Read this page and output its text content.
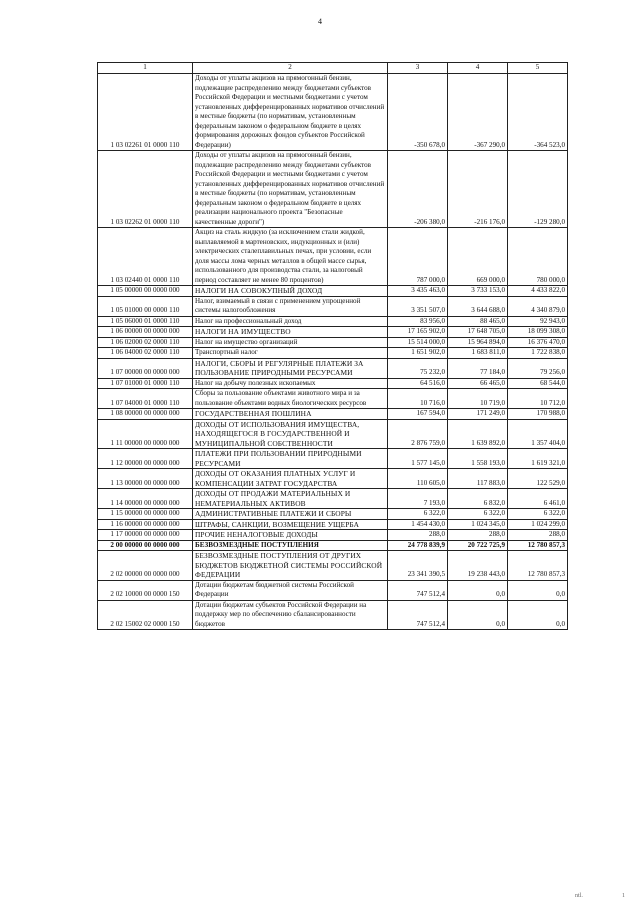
4
1	2	3	4	5
1 03 02261 01 0000 110	Доходы от уплаты акцизов на прямогонный бензин, подлежащие распределению между бюджетами субъектов Российской Федерации и местными бюджетами с учетом установленных дифференцированных нормативов отчислений в местные бюджеты (по нормативам, установленным федеральным законом о федеральном бюджете в целях формирования дорожных фондов субъектов Российской Федерации)	-350 678,0	-367 290,0	-364 523,0
1 03 02262 01 0000 110	Доходы от уплаты акцизов на прямогонный бензин, подлежащие распределению между бюджетами субъектов Российской Федерации и местными бюджетами с учетом установленных дифференцированных нормативов отчислений в местные бюджеты (по нормативам, установленным федеральным законом о федеральном бюджете в целях реализации национального проекта "Безопасные качественные дороги")	-206 380,0	-216 176,0	-129 280,0
1 03 02440 01 0000 110	Акциз на сталь жидкую (за исключением стали жидкой, выплавляемой в мартеновских, индукционных и (или) электрических сталеплавильных печах, при условии, если доля массы лома черных металлов в общей массе сырья, использованного для производства стали, за налоговый период составляет не менее 80 процентов)	787 000,0	669 000,0	780 000,0
1 05 00000 00 0000 000	НАЛОГИ НА СОВОКУПНЫЙ ДОХОД	3 435 463,0	3 733 153,0	4 433 822,0
1 05 01000 00 0000 110	Налог, взимаемый в связи с применением упрощенной системы налогообложения	3 351 507,0	3 644 688,0	4 340 879,0
1 05 06000 01 0000 110	Налог на профессиональный доход	83 956,0	88 465,0	92 943,0
1 06 00000 00 0000 000	НАЛОГИ НА ИМУЩЕСТВО	17 165 902,0	17 648 705,0	18 099 308,0
1 06 02000 02 0000 110	Налог на имущество организаций	15 514 000,0	15 964 894,0	16 376 470,0
1 06 04000 02 0000 110	Транспортный налог	1 651 902,0	1 683 811,0	1 722 838,0
1 07 00000 00 0000 000	НАЛОГИ, СБОРЫ И РЕГУЛЯРНЫЕ ПЛАТЕЖИ ЗА ПОЛЬЗОВАНИЕ ПРИРОДНЫМИ РЕСУРСАМИ	75 232,0	77 184,0	79 256,0
1 07 01000 01 0000 110	Налог на добычу полезных ископаемых	64 516,0	66 465,0	68 544,0
1 07 04000 01 0000 110	Сборы за пользование объектами животного мира и за пользование объектами водных биологических ресурсов	10 716,0	10 719,0	10 712,0
1 08 00000 00 0000 000	ГОСУДАРСТВЕННАЯ ПОШЛИНА	167 594,0	171 249,0	170 988,0
1 11 00000 00 0000 000	ДОХОДЫ ОТ ИСПОЛЬЗОВАНИЯ ИМУЩЕСТВА, НАХОДЯЩЕГОСЯ В ГОСУДАРСТВЕННОЙ И МУНИЦИПАЛЬНОЙ СОБСТВЕННОСТИ	2 876 759,0	1 639 892,0	1 357 404,0
1 12 00000 00 0000 000	ПЛАТЕЖИ ПРИ ПОЛЬЗОВАНИИ ПРИРОДНЫМИ РЕСУРСАМИ	1 577 145,0	1 558 193,0	1 619 321,0
1 13 00000 00 0000 000	ДОХОДЫ ОТ ОКАЗАНИЯ ПЛАТНЫХ УСЛУГ И КОМПЕНСАЦИИ ЗАТРАТ ГОСУДАРСТВА	110 605,0	117 883,0	122 529,0
1 14 00000 00 0000 000	ДОХОДЫ ОТ ПРОДАЖИ МАТЕРИАЛЬНЫХ И НЕМАТЕРИАЛЬНЫХ АКТИВОВ	7 193,0	6 832,0	6 461,0
1 15 00000 00 0000 000	АДМИНИСТРАТИВНЫЕ ПЛАТЕЖИ И СБОРЫ	6 322,0	6 322,0	6 322,0
1 16 00000 00 0000 000	ШТРАФЫ, САНКЦИИ, ВОЗМЕЩЕНИЕ УЩЕРБА	1 454 430,0	1 024 345,0	1 024 299,0
1 17 00000 00 0000 000	ПРОЧИЕ НЕНАЛОГОВЫЕ ДОХОДЫ	288,0	288,0	288,0
2 00 00000 00 0000 000	БЕЗВОЗМЕЗДНЫЕ ПОСТУПЛЕНИЯ	24 778 839,9	20 722 725,9	12 780 857,3
2 02 00000 00 0000 000	БЕЗВОЗМЕЗДНЫЕ ПОСТУПЛЕНИЯ ОТ ДРУГИХ БЮДЖЕТОВ БЮДЖЕТНОЙ СИСТЕМЫ РОССИЙСКОЙ ФЕДЕРАЦИИ	23 341 390,5	19 238 443,0	12 780 857,3
2 02 10000 00 0000 150	Дотации бюджетам бюджетной системы Российской Федерации	747 512,4	0,0	0,0
2 02 15002 02 0000 150	Дотации бюджетам субъектов Российской Федерации на поддержку мер по обеспечению сбалансированности бюджетов	747 512,4	0,0	0,0
ntl.	1
